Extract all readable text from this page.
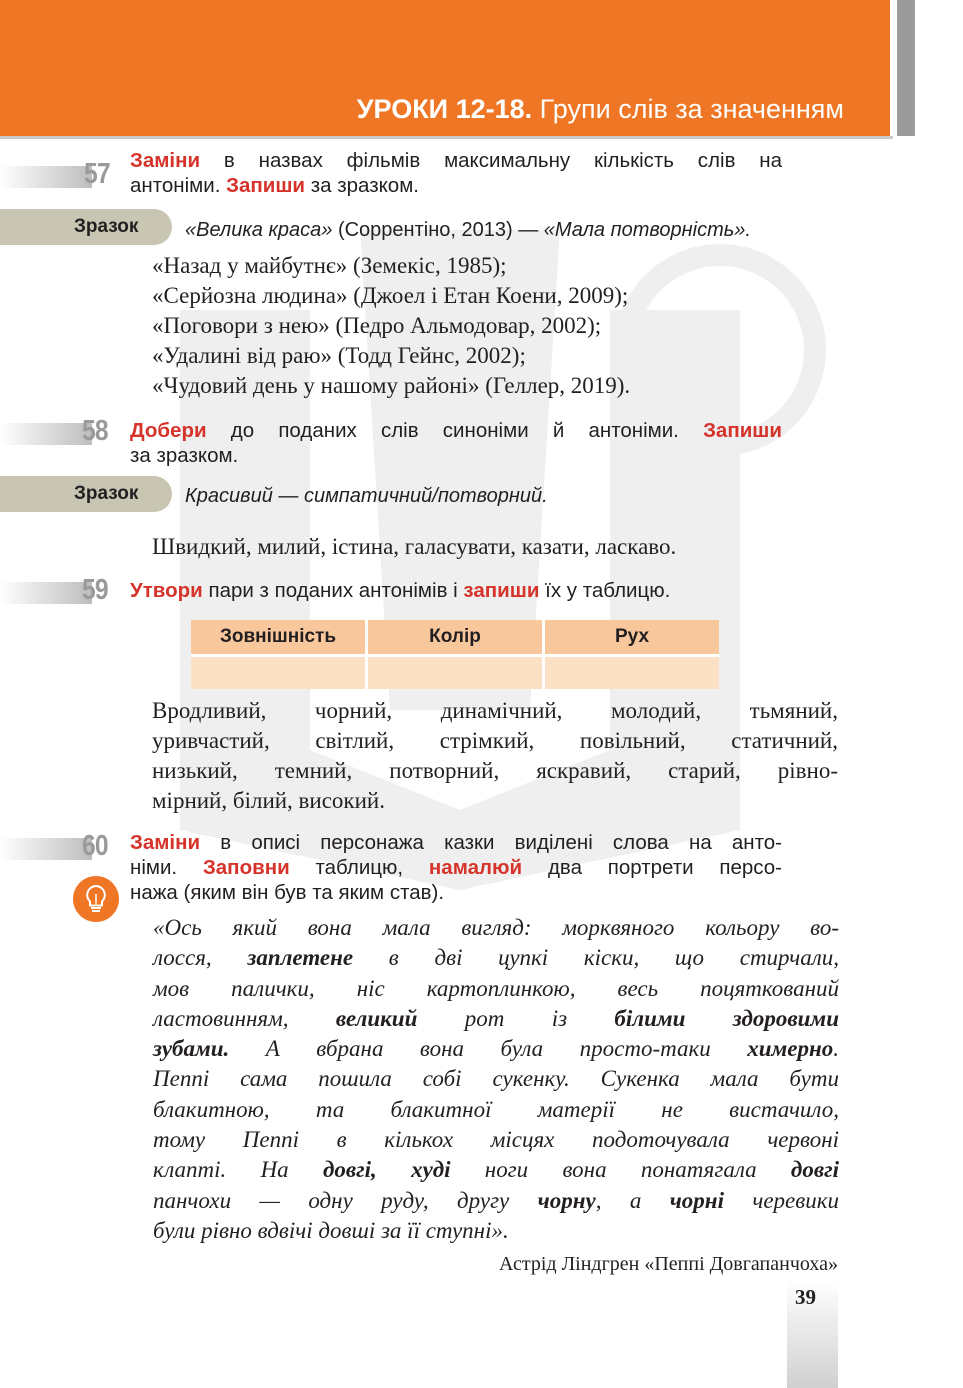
УРОКИ 12-18. Групи слів за значенням
57 Заміни в назвах фільмів максимальну кількість слів на
антоніми. Запиши за зразком.
Зразок «Велика краса» (Соррентіно, 2013) — «Мала потворність».
«Назад у майбутнє» (Земекіс, 1985);
«Серйозна людина» (Джоел і Етан Коени, 2009);
«Поговори з нею» (Педро Альмодовар, 2002);
«Удалині від раю» (Тодд Гейнс, 2002);
«Чудовий день у нашому районі» (Геллер, 2019).
58 Добери до поданих слів синоніми й антоніми. Запиши
за зразком.
Зразок Красивий — симпатичний/потворний.
Швидкий, милий, істина, галасувати, казати, ласкаво.
59 Утвори пари з поданих антонімів і запиши їх у таблицю.
Зовнішність	Колір	Рух

Вродливий, чорний, динамічний, молодий, тьмяний,
уривчастий, світлий, стрімкий, повільний, статичний,
низький, темний, потворний, яскравий, старий, рівно-
мірний, білий, високий.
60 Заміни в описі персонажа казки виділені слова на анто-
німи. Заповни таблицю, намалюй два портрети персо-
нажа (яким він був та яким став).
«Ось який вона мала вигляд: морквяного кольору во-
лосся, заплетене в дві цупкі кіски, що стирчали,
мов палички, ніс картоплинкою, весь поцяткований
ластовинням, великий рот із білими здоровими
зубами. А вбрана вона була просто-таки химерно.
Пеппі сама пошила собі сукенку. Сукенка мала бути
блакитною, та блакитної матерії не вистачило,
тому Пеппі в кількох місцях подоточувала червоні
клапті. На довгі, худі ноги вона понатягала довгі
панчохи — одну руду, другу чорну, а чорні черевики
були рівно вдвічі довші за її ступні».
Астрід Ліндгрен «Пеппі Довгапанчоха»
39
